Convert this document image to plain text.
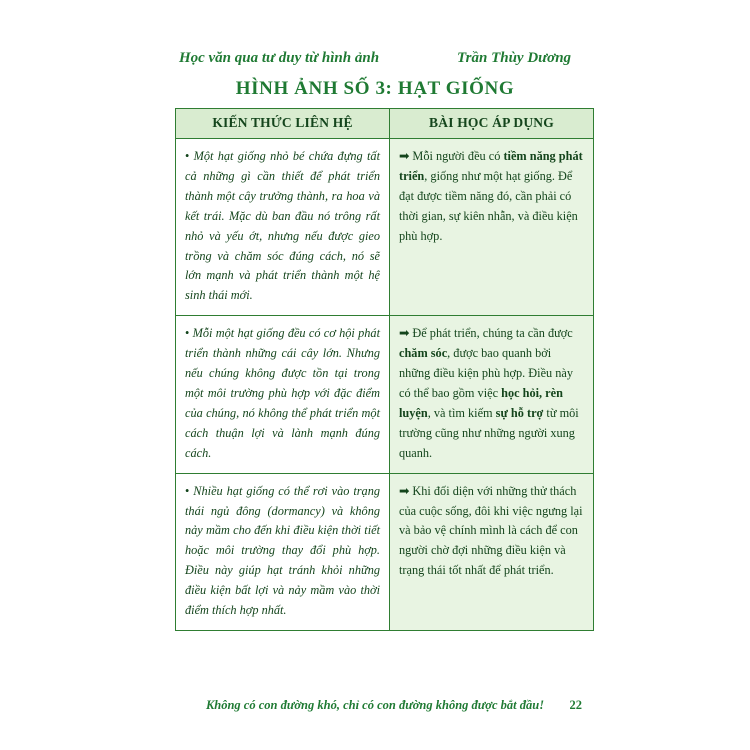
Học văn qua tư duy từ hình ảnh	Trần Thùy Dương
HÌNH ẢNH SỐ 3: HẠT GIỐNG
KIẾN THỨC LIÊN HỆ	BÀI HỌC ÁP DỤNG
• Một hạt giống nhỏ bé chứa đựng tất cả những gì cần thiết để phát triển thành một cây trưởng thành, ra hoa và kết trái. Mặc dù ban đầu nó trông rất nhỏ và yếu ớt, nhưng nếu được gieo trồng và chăm sóc đúng cách, nó sẽ lớn mạnh và phát triển thành một hệ sinh thái mới.	➡ Mỗi người đều có tiềm năng phát triển, giống như một hạt giống. Để đạt được tiềm năng đó, cần phải có thời gian, sự kiên nhẫn, và điều kiện phù hợp.
• Mỗi một hạt giống đều có cơ hội phát triển thành những cái cây lớn. Nhưng nếu chúng không được tồn tại trong một môi trường phù hợp với đặc điểm của chúng, nó không thể phát triển một cách thuận lợi và lành mạnh đúng cách.	➡ Để phát triển, chúng ta cần được chăm sóc, được bao quanh bởi những điều kiện phù hợp. Điều này có thể bao gồm việc học hỏi, rèn luyện, và tìm kiếm sự hỗ trợ từ môi trường cũng như những người xung quanh.
• Nhiều hạt giống có thể rơi vào trạng thái ngủ đông (dormancy) và không nảy mầm cho đến khi điều kiện thời tiết hoặc môi trường thay đổi phù hợp. Điều này giúp hạt tránh khỏi những điều kiện bất lợi và nảy mầm vào thời điểm thích hợp nhất.	➡ Khi đối diện với những thử thách của cuộc sống, đôi khi việc ngưng lại và bảo vệ chính mình là cách để con người chờ đợi những điều kiện và trạng thái tốt nhất để phát triển.
Không có con đường khó, chỉ có con đường không được bắt đầu!	22
